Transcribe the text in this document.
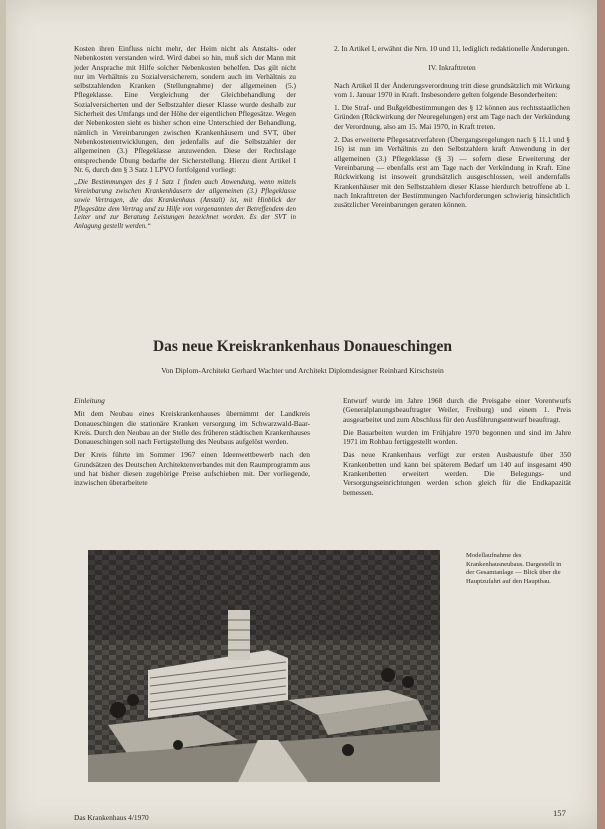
Kosten ihren Einfluss nicht mehr, der Heim nicht als Anstalts- oder Nebenkosten verstanden wird. Wird dabei so hin, muß sich der Mann mit jeder Ansprache mit Hilfe solcher Nebenkosten behelfen. Das gilt nicht nur im Verhältnis zu Sozialversicherern, sondern auch im Verhältnis zu selbstzahlenden Kranken (Stellungnahme) der allgemeinen (5.) Pflegeklasse. Eine Vergleichung der Gleichbehandlung der Sozialversicherten und der Selbstzahler dieser Klasse wurde deshalb zur Sicherheit des Umfangs und der Höhe der eigentlichen Pflegesätze. Wegen der Nebenkosten sieht es bisher schon eine Unterschied der Behandlung, nämlich in Vereinbarungen zwischen Krankenhäusern und SVT, über Nebenkostenentwicklungen, den jedenfalls auf die Selbstzahler der allgemeinen (3.) Pflegeklasse anzuwenden. Diese der Rechtslage entsprechende Übung bedarfte der Sicherstellung. Hierzu dient Artikel I Nr. 6, durch den § 3 Satz 1 LPVO fortfolgend vorliegt:

„Die Bestimmungen des § 1 Satz 1 finden auch Anwendung, wenn mittels Vereinbarung zwischen Krankenhäusern der allgemeinen (3.) Pflegeklasse sowie Vertragen, die das Krankenhaus (Anstalt) ist, mit Hinblick der Pflegesätze dem Vertrag und zu Hilfe von vorgenannten der Betreffendem den Leiter und zur Beratung Leistungen bezeichnet worden. Es der SVT in Anlagung gestellt werden.“

2. In Artikel I, erwähnt die Nrn. 10 und 11, lediglich redaktionelle Änderungen.

IV. Inkrafttreten

Nach Artikel II der Änderungsverordnung tritt diese grundsätzlich mit Wirkung vom 1. Januar 1970 in Kraft. Insbesondere gelten folgende Besonderheiten:

1. Die Straf- und Bußgeldbestimmungen des § 12 können aus rechtsstaatlichen Gründen (Rückwirkung der Neuregelungen) erst am Tage nach der Verkündung der Verordnung, also am 15. Mai 1970, in Kraft treten.

2. Das erweiterte Pflegesatzverfahren (Übergangsregelungen nach § 11.1 und § 16) ist nun im Verhältnis zu den Selbstzahlern kraft Anwendung in der allgemeinen (3.) Pflegeklasse (§ 3) — sofern diese Erweiterung der Vereinbarung — ebenfalls erst am Tage nach der Verkündung in Kraft. Eine Rückwirkung ist insoweit grundsätzlich ausgeschlossen, weil andernfalls Krankenhäuser mit den Selbstzahlern dieser Klasse hierdurch betroffene ab 1. nach Inkrafttreten der Bestimmungen Nachforderungen schwierig hinsichtlich zusätzlicher Vereinbarungen geraten können.

Das neue Kreiskrankenhaus Donaueschingen
Von Diplom-Architekt Gerhard Wachter und Architekt Diplomdesigner Reinhard Kirschstein
Einleitung

Mit dem Neubau eines Kreiskrankenhauses übernimmt der Landkreis Donaueschingen die stationäre Kranken versorgung im Schwarzwald-Baar-Kreis. Durch den Neubau an der Stelle des früheren städtischen Krankenhauses Donaueschingen soll nach Fertigstellung des Neubaus aufgelöst werden.

Der Kreis führte im Sommer 1967 einen Ideenwettbewerb nach den Grundsätzen des Deutschen Architektenverbandes mit den Raumprogramm aus und hat bisher diesen zugehörige Preise aufschieben mit. Der vorliegende, inzwischen überarbeitete

Entwurf wurde im Jahre 1968 durch die Preisgabe einer Vorentwurfs (Generalplanungsbeauftragter Weiler, Freiburg) und einem 1. Preis ausgearbeitet und zum Abschluss für den Ausführungsentwurf beauftragt.

Die Bauarbeiten wurden im Frühjahre 1970 begonnen und sind im Jahre 1971 im Rohbau fertiggestellt worden.

Das neue Krankenhaus verfügt zur ersten Ausbaustufe über 350 Krankenbetten und kann bei späterem Bedarf um 140 auf insgesamt 490 Krankenbetten erweitert werden. Die Belegungs- und Versorgungseinrichtungen werden schon gleich für die Endkapazität bemessen.

Modellaufnahme des Krankenhausneubaus. Dargestellt in der Gesamtanlage — Blick über die Hauptzufahrt auf den Hauptbau.
Das Krankenhaus 4/1970	157
